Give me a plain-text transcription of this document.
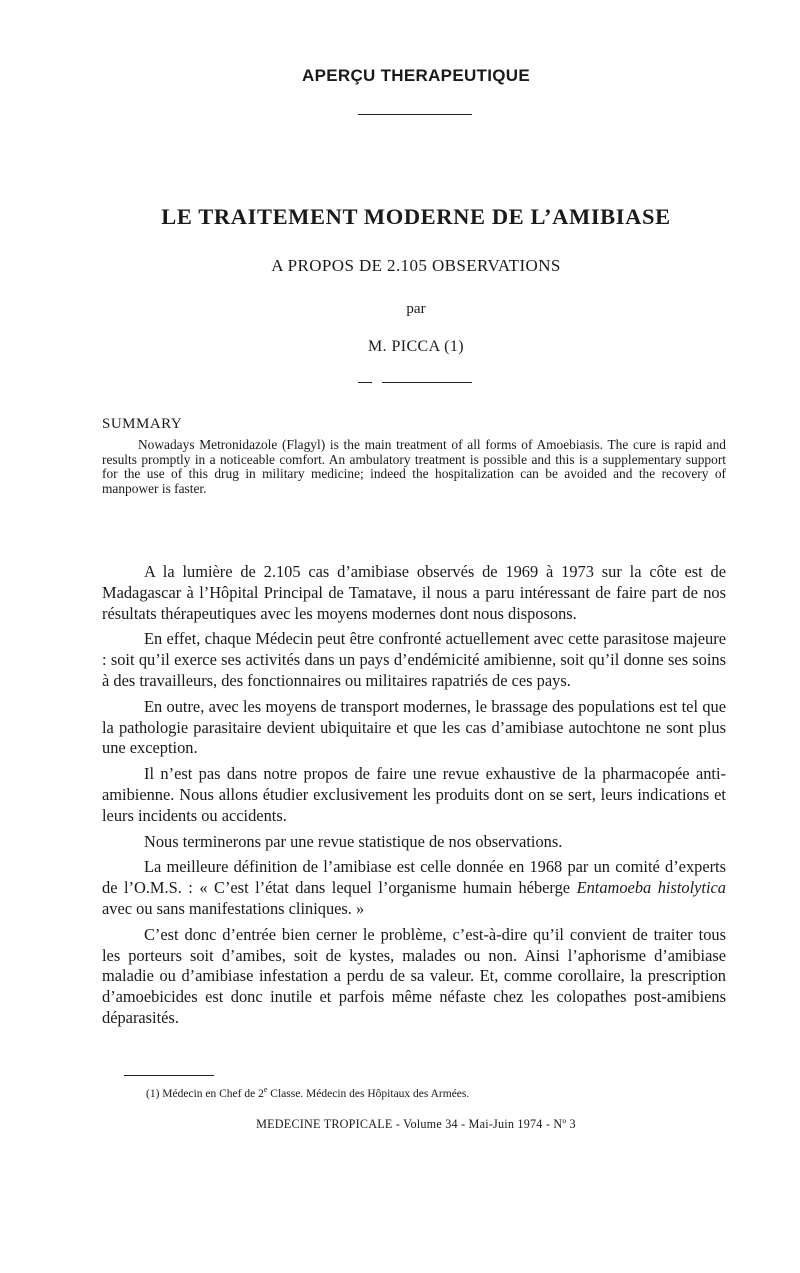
APERÇU THERAPEUTIQUE
LE TRAITEMENT MODERNE DE L’AMIBIASE
A PROPOS DE 2.105 OBSERVATIONS
par
M. PICCA (1)
SUMMARY

Nowadays Metronidazole (Flagyl) is the main treatment of all forms of Amoebiasis. The cure is rapid and results promptly in a noticeable comfort. An ambulatory treatment is possible and this is a supplementary support for the use of this drug in military medicine; indeed the hospitalization can be avoided and the recovery of manpower is faster.

A la lumière de 2.105 cas d’amibiase observés de 1969 à 1973 sur la côte est de Madagascar à l’Hôpital Principal de Tamatave, il nous a paru intéressant de faire part de nos résultats thérapeutiques avec les moyens modernes dont nous disposons.

En effet, chaque Médecin peut être confronté actuellement avec cette parasitose majeure : soit qu’il exerce ses activités dans un pays d’endémicité amibienne, soit qu’il donne ses soins à des travailleurs, des fonctionnaires ou militaires rapatriés de ces pays.

En outre, avec les moyens de transport modernes, le brassage des populations est tel que la pathologie parasitaire devient ubiquitaire et que les cas d’amibiase autochtone ne sont plus une exception.

Il n’est pas dans notre propos de faire une revue exhaustive de la pharmacopée anti-amibienne. Nous allons étudier exclusivement les produits dont on se sert, leurs indications et leurs incidents ou accidents.

Nous terminerons par une revue statistique de nos observations.

La meilleure définition de l’amibiase est celle donnée en 1968 par un comité d’experts de l’O.M.S. : « C’est l’état dans lequel l’organisme humain héberge Entamoeba histolytica avec ou sans manifestations cliniques. »

C’est donc d’entrée bien cerner le problème, c’est-à-dire qu’il convient de traiter tous les porteurs soit d’amibes, soit de kystes, malades ou non. Ainsi l’aphorisme d’amibiase maladie ou d’amibiase infestation a perdu de sa valeur. Et, comme corollaire, la prescription d’amoebicides est donc inutile et parfois même néfaste chez les colopathes post-amibiens déparasités.

(1) Médecin en Chef de 2e Classe. Médecin des Hôpitaux des Armées.
MEDECINE TROPICALE - Volume 34 - Mai-Juin 1974 - Nº 3
